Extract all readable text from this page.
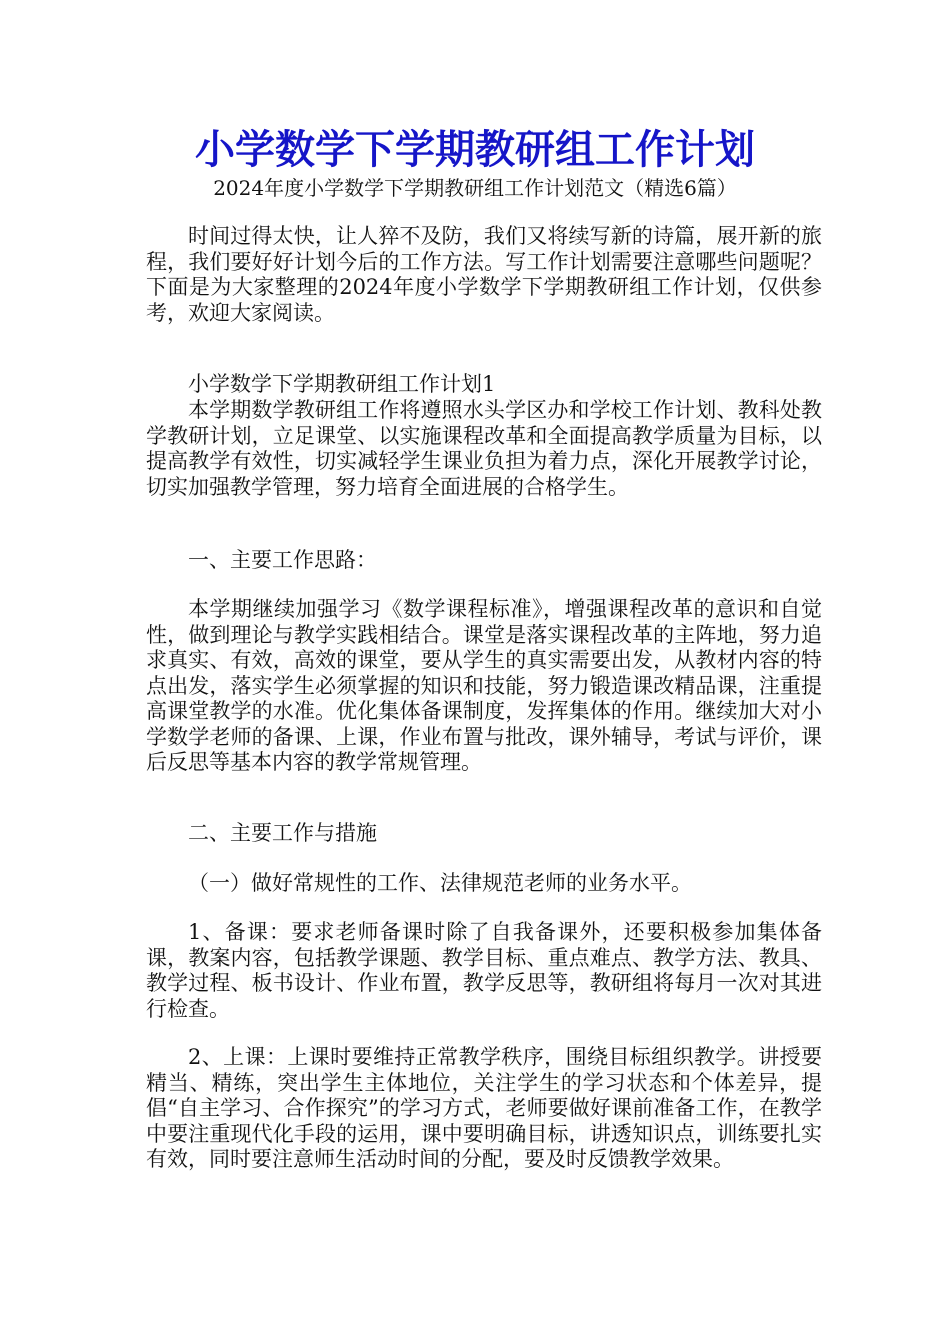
小学数学下学期教研组工作计划

2024年度小学数学下学期教研组工作计划范文（精选6篇）

时间过得太快，让人猝不及防，我们又将续写新的诗篇，展开新的旅程，我们要好好计划今后的工作方法。写工作计划需要注意哪些问题呢？下面是为大家整理的2024年度小学数学下学期教研组工作计划，仅供参考，欢迎大家阅读。

小学数学下学期教研组工作计划1

本学期数学教研组工作将遵照水头学区办和学校工作计划、教科处教学教研计划，立足课堂、以实施课程改革和全面提高教学质量为目标，以提高教学有效性，切实减轻学生课业负担为着力点，深化开展教学讨论，切实加强教学管理，努力培育全面进展的合格学生。

一、主要工作思路：

本学期继续加强学习《数学课程标准》，增强课程改革的意识和自觉性，做到理论与教学实践相结合。课堂是落实课程改革的主阵地，努力追求真实、有效，高效的课堂，要从学生的真实需要出发，从教材内容的特点出发，落实学生必须掌握的知识和技能，努力锻造课改精品课，注重提高课堂教学的水准。优化集体备课制度，发挥集体的作用。继续加大对小学数学老师的备课、上课，作业布置与批改，课外辅导，考试与评价，课后反思等基本内容的教学常规管理。

二、主要工作与措施

（一）做好常规性的工作、法律规范老师的业务水平。

1、备课：要求老师备课时除了自我备课外，还要积极参加集体备课，教案内容，包括教学课题、教学目标、重点难点、教学方法、教具、教学过程、板书设计、作业布置，教学反思等，教研组将每月一次对其进行检查。

2、上课：上课时要维持正常教学秩序，围绕目标组织教学。讲授要精当、精练，突出学生主体地位，关注学生的学习状态和个体差异，提倡“自主学习、合作探究”的学习方式，老师要做好课前准备工作，在教学中要注重现代化手段的运用，课中要明确目标，讲透知识点，训练要扎实有效，同时要注意师生活动时间的分配，要及时反馈教学效果。
